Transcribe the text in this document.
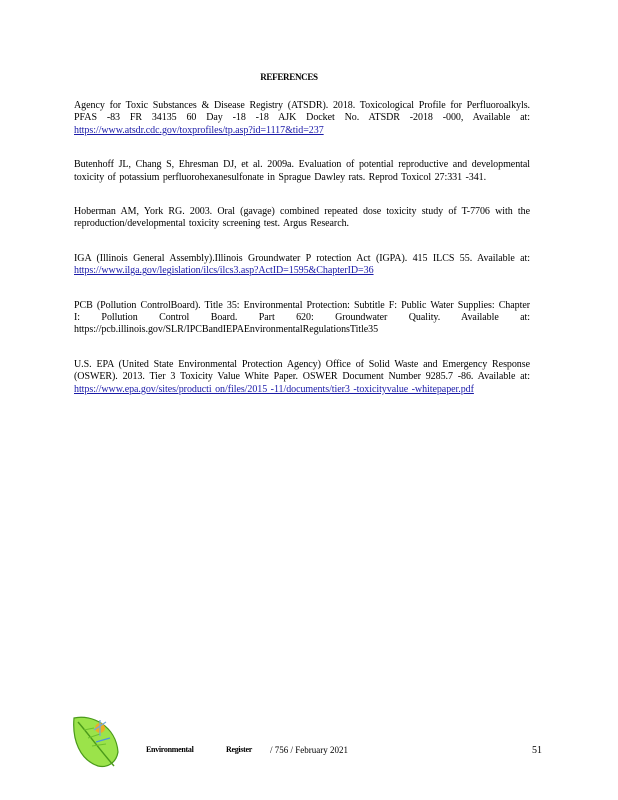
REFERENCES

Agency for Toxic Substances & Disease Registry (ATSDR). 2018. Toxicological Profile for Perfluoroalkyls. PFAS -83 FR 34135 60 Day -18 -18 AJK Docket No. ATSDR -2018 -000, Available at: https://www.atsdr.cdc.gov/toxprofiles/tp.asp?id=1117&tid=237

Butenhoff JL, Chang S, Ehresman DJ, et al. 2009a. Evaluation of potential reproductive and developmental toxicity of potassium perfluorohexanesulfonate in Sprague Dawley rats. Reprod Toxicol 27:331 -341.

Hoberman AM, York RG. 2003. Oral (gavage) combined repeated dose toxicity study of T-7706 with the reproduction/developmental toxicity screening test. Argus Research.

IGA (Illinois General Assembly).Illinois Groundwater P rotection Act (IGPA). 415 ILCS 55. Available at: https://www.ilga.gov/legislation/ilcs/ilcs3.asp?ActID=1595&ChapterID=36

PCB (Pollution ControlBoard). Title 35: Environmental Protection: Subtitle F: Public Water Supplies: Chapter I: Pollution Control Board. Part 620: Groundwater Quality. Available at: https://pcb.illinois.gov/SLR/IPCBandIEPAEnvironmentalRegulationsTitle35

U.S. EPA (United State Environmental Protection Agency) Office of Solid Waste and Emergency Response (OSWER). 2013. Tier 3 Toxicity Value White Paper. OSWER Document Number 9285.7 -86. Available at: https://www.epa.gov/sites/producti on/files/2015 -11/documents/tier3 -toxicityvalue -whitepaper.pdf

Environmental	Register / 756 / February 2021	51
